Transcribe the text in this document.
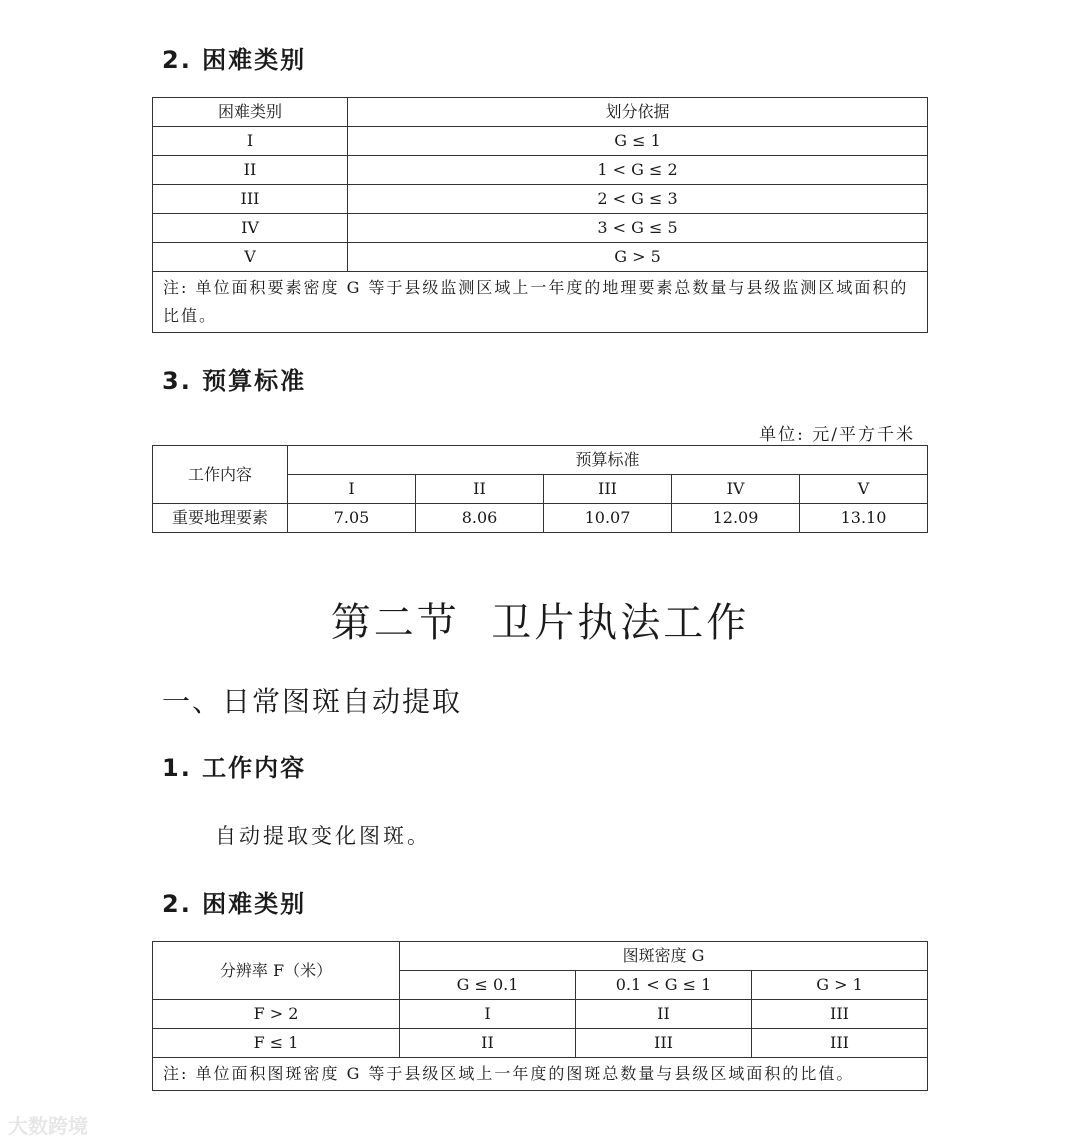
2. 困难类别
困难类别	划分依据
I	G ≤ 1
II	1 < G ≤ 2
III	2 < G ≤ 3
IV	3 < G ≤ 5
V	G > 5
注: 单位面积要素密度 G 等于县级监测区域上一年度的地理要素总数量与县级监测区域面积的比值。	
3. 预算标准
单位: 元/平方千米
工作内容	预算标准				
	I	II	III	IV	V
重要地理要素	7.05	8.06	10.07	12.09	13.10
第二节  卫片执法工作
一、日常图斑自动提取
1. 工作内容
自动提取变化图斑。
2. 困难类别
分辨率 F（米）	图斑密度 G		
	G ≤ 0.1	0.1 < G ≤ 1	G > 1
F > 2	I	II	III
F ≤ 1	II	III	III
注: 单位面积图斑密度 G 等于县级区域上一年度的图斑总数量与县级区域面积的比值。			
大数跨境
